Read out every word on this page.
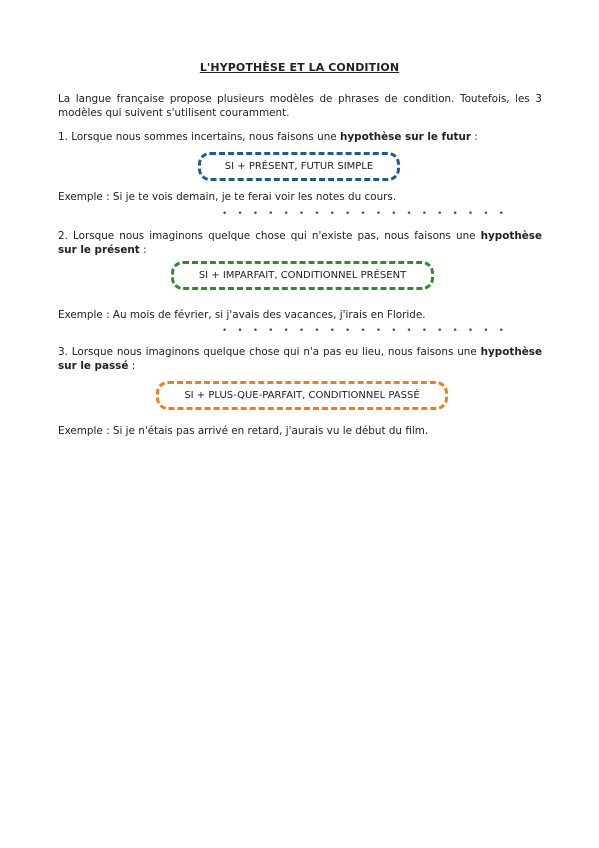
L'HYPOTHÈSE ET LA CONDITION
La langue française propose plusieurs modèles de phrases de condition. Toutefois, les 3 modèles qui suivent s'utilisent couramment.
1. Lorsque nous sommes incertains, nous faisons une hypothèse sur le futur :
SI + PRÉSENT, FUTUR SIMPLE
Exemple : Si je te vois demain, je te ferai voir les notes du cours.
• • • • • • • • • • • • • • • • • • •
2. Lorsque nous imaginons quelque chose qui n'existe pas, nous faisons une hypothèse sur le présent :
SI + IMPARFAIT, CONDITIONNEL PRÉSENT
Exemple : Au mois de février, si j'avais des vacances, j'irais en Floride.
• • • • • • • • • • • • • • • • • • •
3. Lorsque nous imaginons quelque chose qui n'a pas eu lieu, nous faisons une hypothèse sur le passé :
SI + PLUS-QUE-PARFAIT, CONDITIONNEL PASSÉ
Exemple : Si je n'étais pas arrivé en retard, j'aurais vu le début du film.
